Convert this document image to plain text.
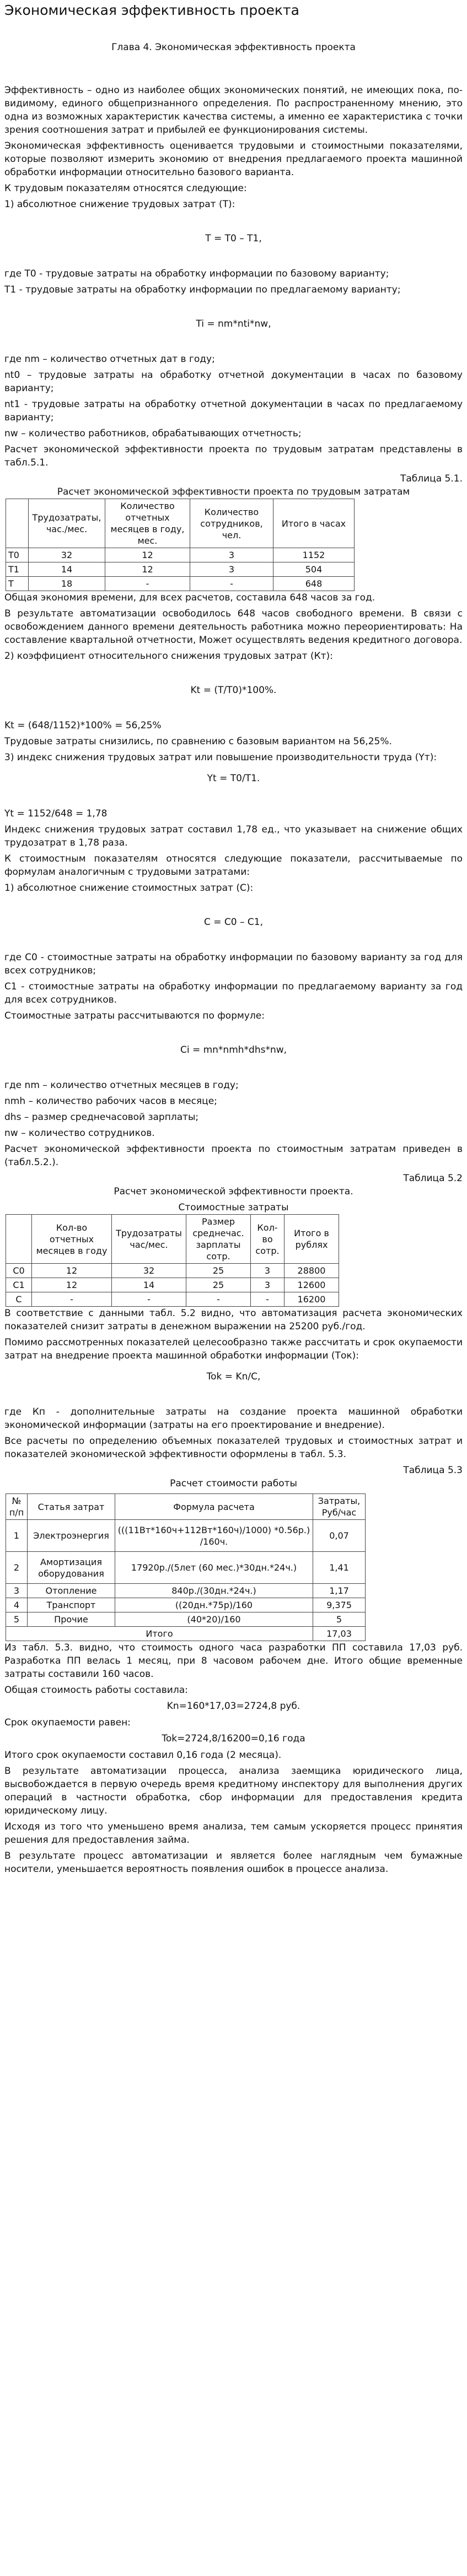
Экономическая эффективность проекта
Глава 4. Экономическая эффективность проекта

Эффективность – одно из наиболее общих экономических понятий, не имеющих пока, по-видимому, единого общепризнанного определения. По распространенному мнению, это одна из возможных характеристик качества системы, а именно ее характеристика с точки зрения соотношения затрат и прибылей ее функционирования системы.

Экономическая эффективность оценивается трудовыми и стоимостными показателями, которые позволяют измерить экономию от внедрения предлагаемого проекта машинной обработки информации относительно базового варианта.

К трудовым показателям относятся следующие:

1) абсолютное снижение трудовых затрат (Т):

Т = Т0 – Т1,

где Т0 - трудовые затраты на обработку информации по базовому варианту;

Т1 - трудовые затраты на обработку информации по предлагаемому варианту;

Ti = nm*nti*nw,

где nm – количество отчетных дат в году;

nt0 – трудовые затраты на обработку отчетной документации в часах по базовому варианту;

nt1 - трудовые затраты на обработку отчетной документации в часах по предлагаемому варианту;

nw – количество работников, обрабатывающих отчетность;

Расчет экономической эффективности проекта по трудовым затратам представлены в табл.5.1.

Таблица 5.1.
Расчет экономической эффективности проекта по трудовым затратам
	Трудозатраты, час./мес.	Количество отчетных месяцев в году, мес.	Количество сотрудников, чел.	Итого в часах
T0	32	12	3	1152
T1	14	12	3	504
T	18	-	-	648

Общая экономия времени, для всех расчетов, составила 648 часов за год.

В результате автоматизации освободилось 648 часов свободного времени. В связи с освобождением данного времени деятельность работника можно переориентировать: На составление квартальной отчетности, Может осуществлять ведения кредитного договора.

2) коэффициент относительного снижения трудовых затрат (Кт):

Kt = (T/T0)*100%.

Kt = (648/1152)*100% = 56,25%

Трудовые затраты снизились, по сравнению с базовым вариантом на 56,25%.

3) индекс снижения трудовых затрат или повышение производительности труда (Yт):

Yt = T0/T1.

Yt = 1152/648 = 1,78

Индекс снижения трудовых затрат составил 1,78 ед., что указывает на снижение общих трудозатрат в 1,78 раза.

К стоимостным показателям относятся следующие показатели, рассчитываемые по формулам аналогичным с трудовыми затратами:

1) абсолютное снижение стоимостных затрат (С):

C = C0 – C1,

где С0 - стоимостные затраты на обработку информации по базовому варианту за год для всех сотрудников;

С1 - стоимостные затраты на обработку информации по предлагаемому варианту за год для всех сотрудников.

Стоимостные затраты рассчитываются по формуле:

Ci = mn*nmh*dhs*nw,

где nm – количество отчетных месяцев в году;

nmh – количество рабочих часов в месяце;

dhs – размер среднечасовой зарплаты;

nw – количество сотрудников.

Расчет экономической эффективности проекта по стоимостным затратам приведен в (табл.5.2.).

Таблица 5.2
Расчет экономической эффективности проекта.
Стоимостные затраты
	Кол-во отчетных месяцев в году	Трудозатраты час/мес.	Размер среднечас. зарплаты сотр.	Кол-во сотр.	Итого в рублях
C0	12	32	25	3	28800
C1	12	14	25	3	12600
C	-	-	-	-	16200

В соответствие с данными табл. 5.2 видно, что автоматизация расчета экономических показателей снизит затраты в денежном выражении на 25200 руб./год.

Помимо рассмотренных показателей целесообразно также рассчитать и срок окупаемости затрат на внедрение проекта машинной обработки информации (Ток):

Tok = Kn/C,

где Кп - дополнительные затраты на создание проекта машинной обработки экономической информации (затраты на его проектирование и внедрение).

Все расчеты по определению объемных показателей трудовых и стоимостных затрат и показателей экономической эффективности оформлены в табл. 5.3.

Таблица 5.3
Расчет стоимости работы
№ п/п	Статья затрат	Формула расчета	Затраты, Руб/час
1	Электроэнергия	(((11Вт*160ч+112Вт*160ч)/1000) *0.56р.) /160ч.	0,07
2	Амортизация оборудования	17920р./(5лет (60 мес.)*30дн.*24ч.)	1,41
3	Отопление	840р./(30дн.*24ч.)	1,17
4	Транспорт	((20дн.*75р)/160	9,375
5	Прочие	(40*20)/160	5
Итого			17,03

Из табл. 5.3. видно, что стоимость одного часа разработки ПП составила 17,03 руб. Разработка ПП велась 1 месяц, при 8 часовом рабочем дне. Итого общие временные затраты составили 160 часов.

Общая стоимость работы составила:

Kn=160*17,03=2724,8 руб.

Срок окупаемости равен:

Tok=2724,8/16200=0,16 года

Итого срок окупаемости составил 0,16 года (2 месяца).

В результате автоматизации процесса, анализа заемщика юридического лица, высвобождается в первую очередь время кредитному инспектору для выполнения других операций в частности обработка, сбор информации для предоставления кредита юридическому лицу.

Исходя из того что уменьшено время анализа, тем самым ускоряется процесс принятия решения для предоставления займа.

В результате процесс автоматизации и является более наглядным чем бумажные носители, уменьшается вероятность появления ошибок в процессе анализа.
